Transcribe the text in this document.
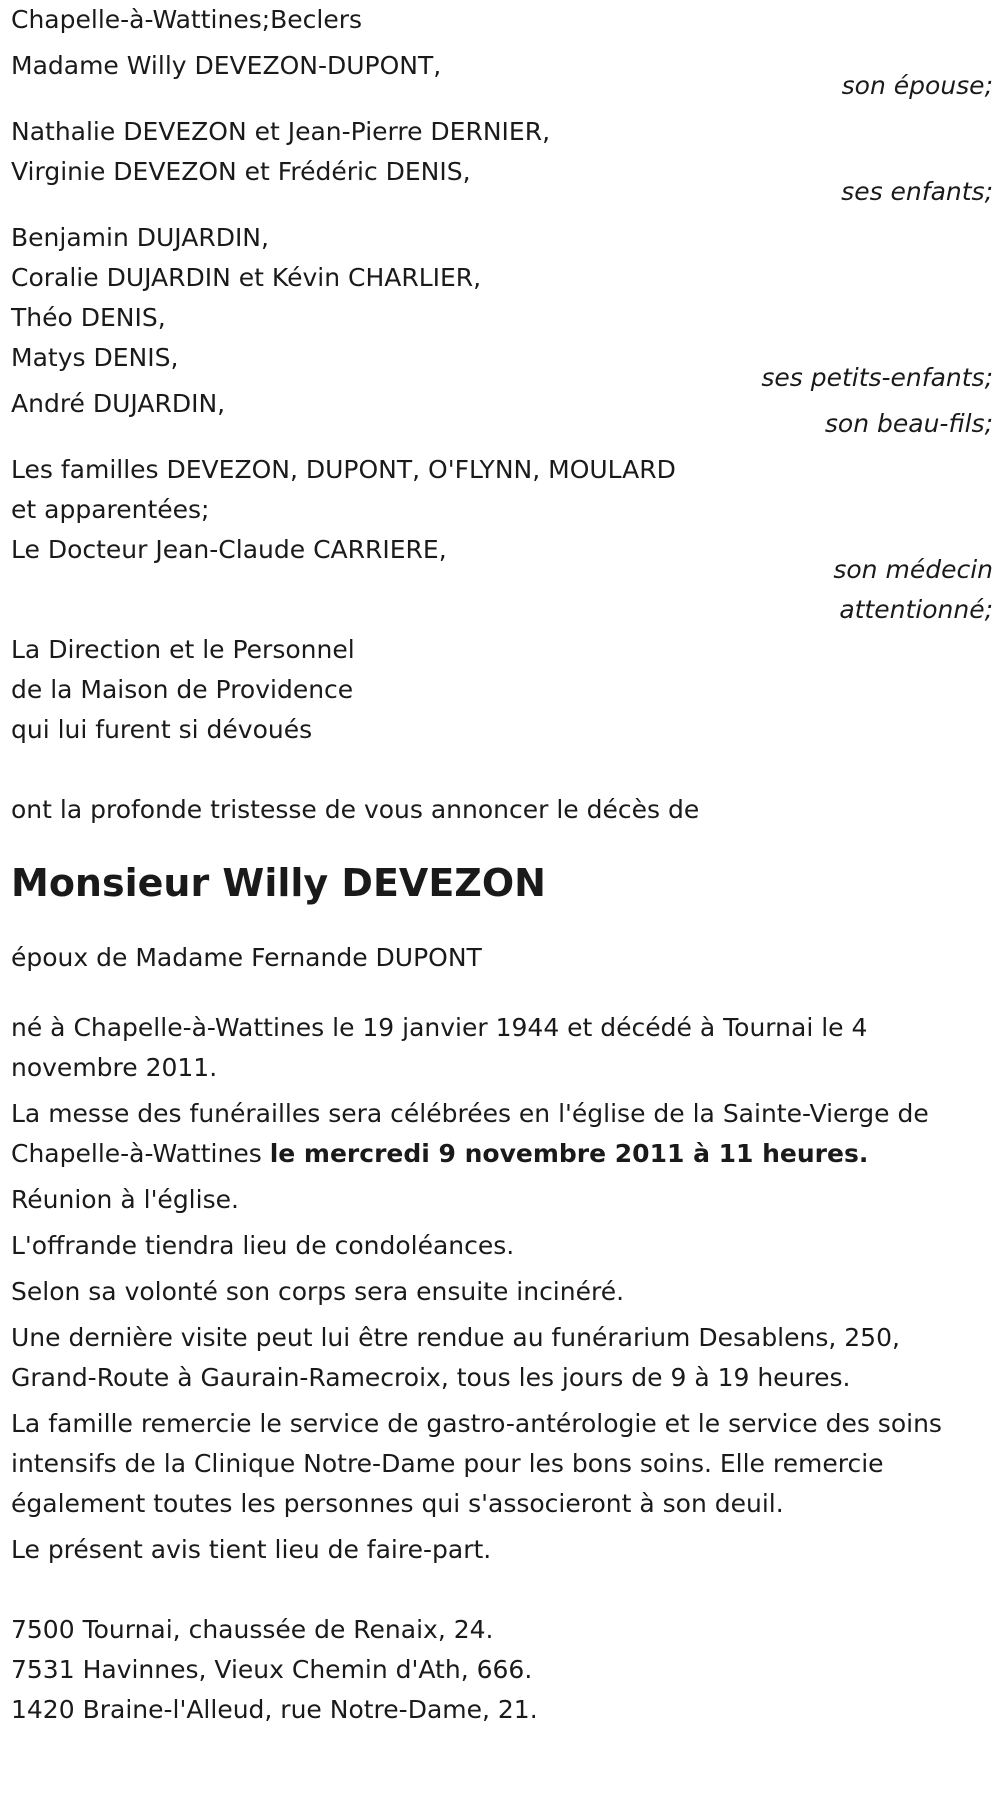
Chapelle-à-Wattines;Beclers

Madame Willy DEVEZON-DUPONT,

son épouse;

Nathalie DEVEZON et Jean-Pierre DERNIER,

Virginie DEVEZON et Frédéric DENIS,

ses enfants;

Benjamin DUJARDIN,

Coralie DUJARDIN et Kévin CHARLIER,

Théo DENIS,

Matys DENIS,

ses petits-enfants;

André DUJARDIN,

son beau-fils;

Les familles DEVEZON, DUPONT, O'FLYNN, MOULARD

et apparentées;

Le Docteur Jean-Claude CARRIERE,

son médecin

attentionné;

La Direction et le Personnel

de la Maison de Providence

qui lui furent si dévoués

ont la profonde tristesse de vous annoncer le décès de

Monsieur Willy DEVEZON

époux de Madame Fernande DUPONT

né à Chapelle-à-Wattines le 19 janvier 1944 et décédé à Tournai le 4 novembre 2011.

La messe des funérailles sera célébrées en l'église de la Sainte-Vierge de Chapelle-à-Wattines le mercredi 9 novembre 2011 à 11 heures.

Réunion à l'église.

L'offrande tiendra lieu de condoléances.

Selon sa volonté son corps sera ensuite incinéré.

Une dernière visite peut lui être rendue au funérarium Desablens, 250, Grand-Route à Gaurain-Ramecroix, tous les jours de 9 à 19 heures.

La famille remercie le service de gastro-antérologie et le service des soins intensifs de la Clinique Notre-Dame pour les bons soins. Elle remercie également toutes les personnes qui s'associeront à son deuil.

Le présent avis tient lieu de faire-part.

7500 Tournai, chaussée de Renaix, 24.

7531 Havinnes, Vieux Chemin d'Ath, 666.

1420 Braine-l'Alleud, rue Notre-Dame, 21.
